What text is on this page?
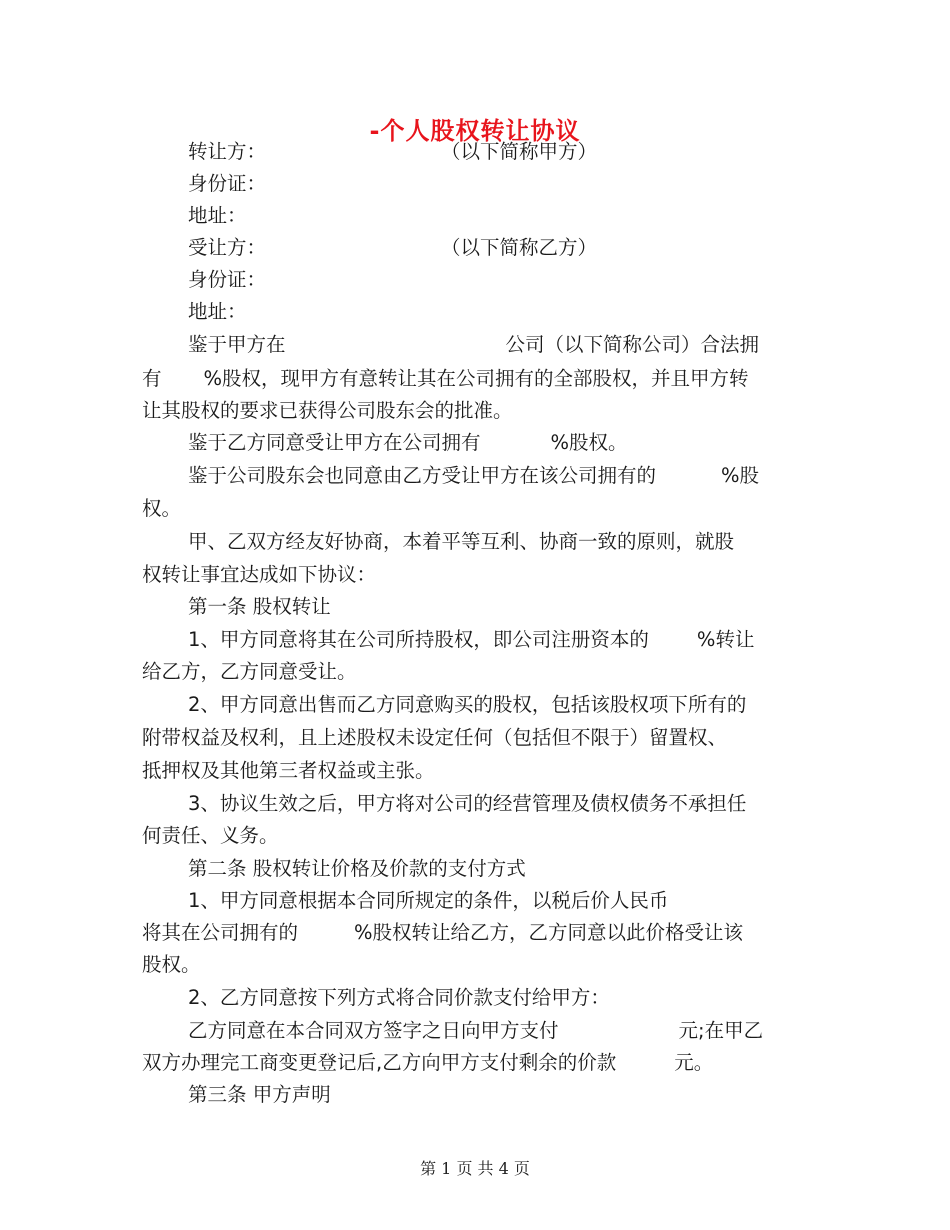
-个人股权转让协议
转让方：	（以下简称甲方）
身份证：
地址：
受让方：	（以下简称乙方）
身份证：
地址：
鉴于甲方在	公司（以下简称公司）合法拥
有 %股权，现甲方有意转让其在公司拥有的全部股权，并且甲方转
让其股权的要求已获得公司股东会的批准。
鉴于乙方同意受让甲方在公司拥有	%股权。
鉴于公司股东会也同意由乙方受让甲方在该公司拥有的	%股
权。
甲、乙双方经友好协商，本着平等互利、协商一致的原则，就股
权转让事宜达成如下协议：
第一条 股权转让
1、甲方同意将其在公司所持股权，即公司注册资本的 %转让
给乙方，乙方同意受让。
2、甲方同意出售而乙方同意购买的股权，包括该股权项下所有的
附带权益及权利，且上述股权未设定任何（包括但不限于）留置权、
抵押权及其他第三者权益或主张。
3、协议生效之后，甲方将对公司的经营管理及债权债务不承担任
何责任、义务。
第二条 股权转让价格及价款的支付方式
1、甲方同意根据本合同所规定的条件，以税后价人民币
将其在公司拥有的	%股权转让给乙方，乙方同意以此价格受让该
股权。
2、乙方同意按下列方式将合同价款支付给甲方：
乙方同意在本合同双方签字之日向甲方支付	元;在甲乙
双方办理完工商变更登记后,乙方向甲方支付剩余的价款	元。
第三条 甲方声明
第 1 页 共 4 页
